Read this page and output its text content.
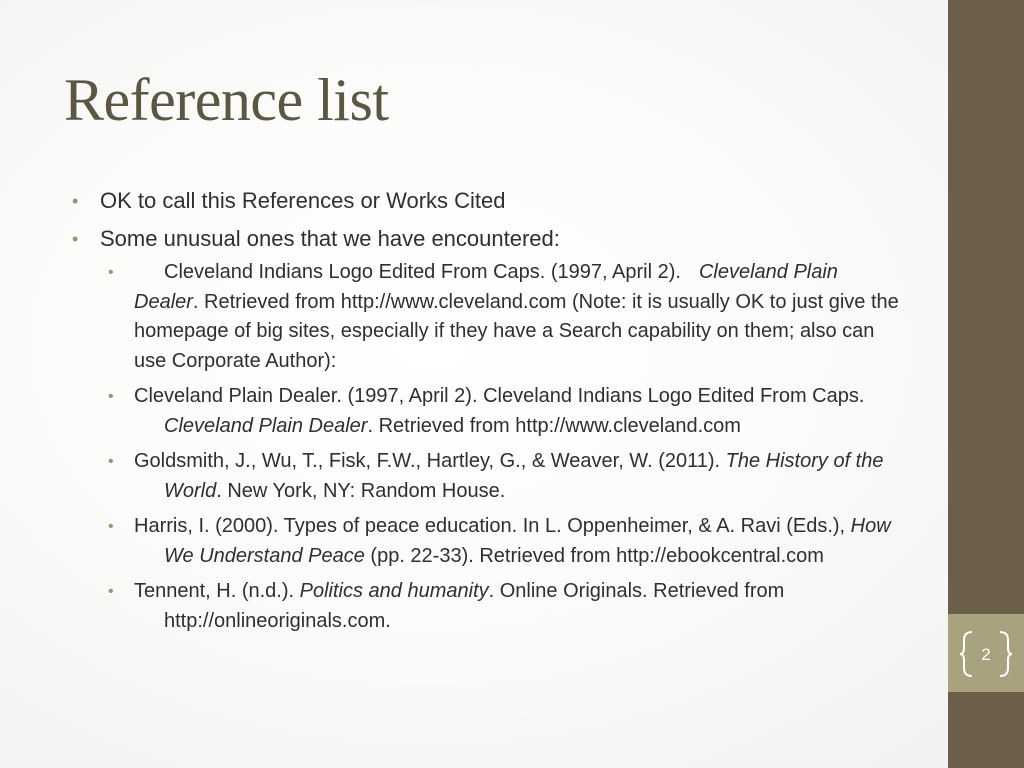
2
Reference list
• OK to call this References or Works Cited
• Some unusual ones that we have encountered:
•	Cleveland Indians Logo Edited From Caps. (1997, April 2). Cleveland Plain Dealer. Retrieved from http://www.cleveland.com (Note: it is usually OK to just give the homepage of big sites, especially if they have a Search capability on them; also can use Corporate Author):
• Cleveland Plain Dealer. (1997, April 2). Cleveland Indians Logo Edited From Caps. Cleveland Plain Dealer. Retrieved from http://www.cleveland.com
• Goldsmith, J., Wu, T., Fisk, F.W., Hartley, G., & Weaver, W. (2011). The History of the World. New York, NY: Random House.
• Harris, I. (2000). Types of peace education. In L. Oppenheimer, & A. Ravi (Eds.), How We Understand Peace (pp. 22-33). Retrieved from http://ebookcentral.com
• Tennent, H. (n.d.). Politics and humanity. Online Originals. Retrieved from http://onlineoriginals.com.
